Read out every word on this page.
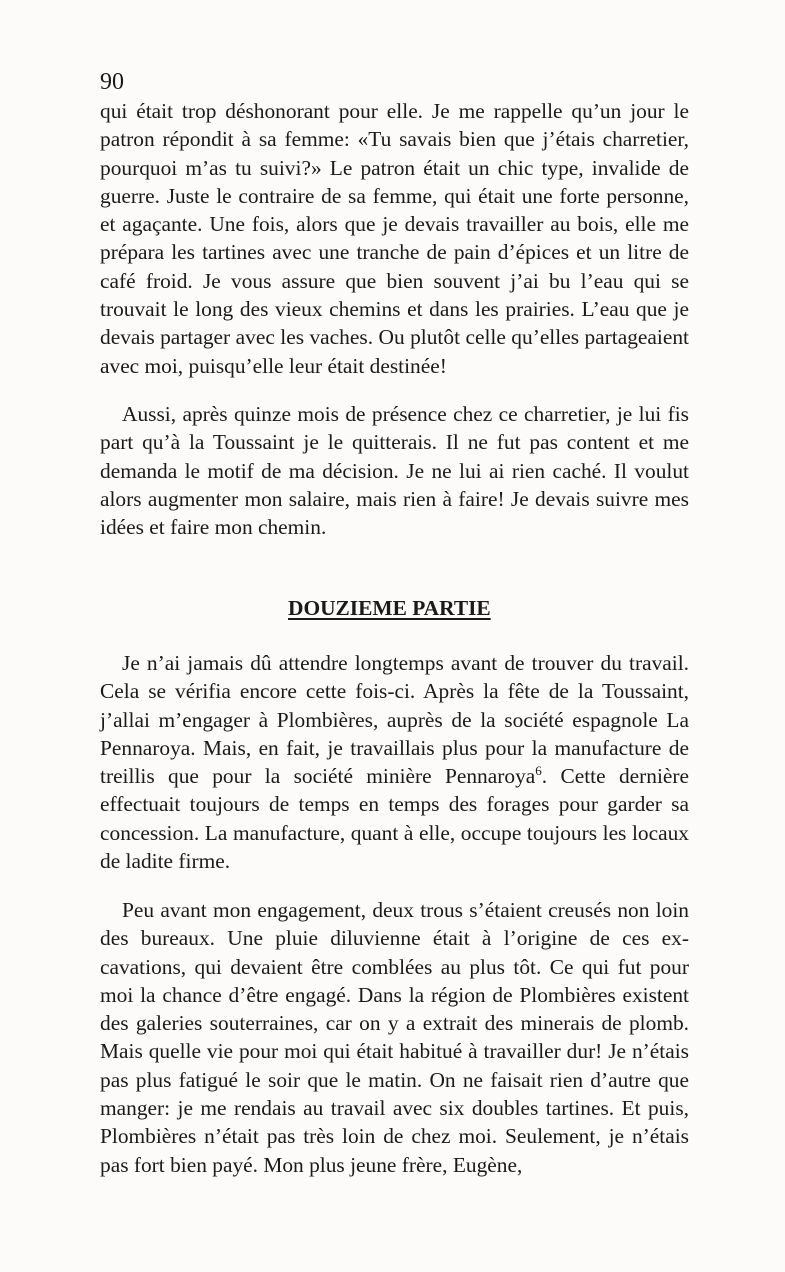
90

qui était trop déshonorant pour elle. Je me rappelle qu’un jour le patron répondit à sa femme: «Tu savais bien que j’étais charretier, pourquoi m’as tu suivi?» Le patron était un chic type, invalide de guerre. Juste le contraire de sa femme, qui était une forte personne, et agaçante. Une fois, alors que je devais travailler au bois, elle me prépara les tartines avec une tranche de pain d’épices et un litre de café froid. Je vous assure que bien souvent j’ai bu l’eau qui se trouvait le long des vieux chemins et dans les prairies. L’eau que je devais partager avec les vaches. Ou plutôt celle qu’elles partageaient avec moi, puisqu’elle leur était destinée!

Aussi, après quinze mois de présence chez ce charretier, je lui fis part qu’à la Toussaint je le quitterais. Il ne fut pas content et me demanda le motif de ma décision. Je ne lui ai rien caché. Il voulut alors augmenter mon salaire, mais rien à faire! Je devais suivre mes idées et faire mon chemin.

DOUZIEME PARTIE

Je n’ai jamais dû attendre longtemps avant de trouver du travail. Cela se vérifia encore cette fois-ci. Après la fête de la Toussaint, j’allai m’engager à Plombières, auprès de la société espagnole La Pennaroya. Mais, en fait, je travaillais plus pour la manufacture de treillis que pour la société minière Pennaroya$^6$. Cette dernière effectuait toujours de temps en temps des forages pour garder sa concession. La manufacture, quant à elle, occupe toujours les locaux de ladite firme.

Peu avant mon engagement, deux trous s’étaient creusés non loin des bureaux. Une pluie diluvienne était à l’origine de ces excavations, qui devaient être comblées au plus tôt. Ce qui fut pour moi la chance d’être engagé. Dans la région de Plombières existent des galeries souterraines, car on y a extrait des minerais de plomb. Mais quelle vie pour moi qui était habitué à travailler dur! Je n’étais pas plus fatigué le soir que le matin. On ne faisait rien d’autre que manger: je me rendais au travail avec six doubles tartines. Et puis, Plombières n’était pas très loin de chez moi. Seulement, je n’étais pas fort bien payé. Mon plus jeune frère, Eugène,
